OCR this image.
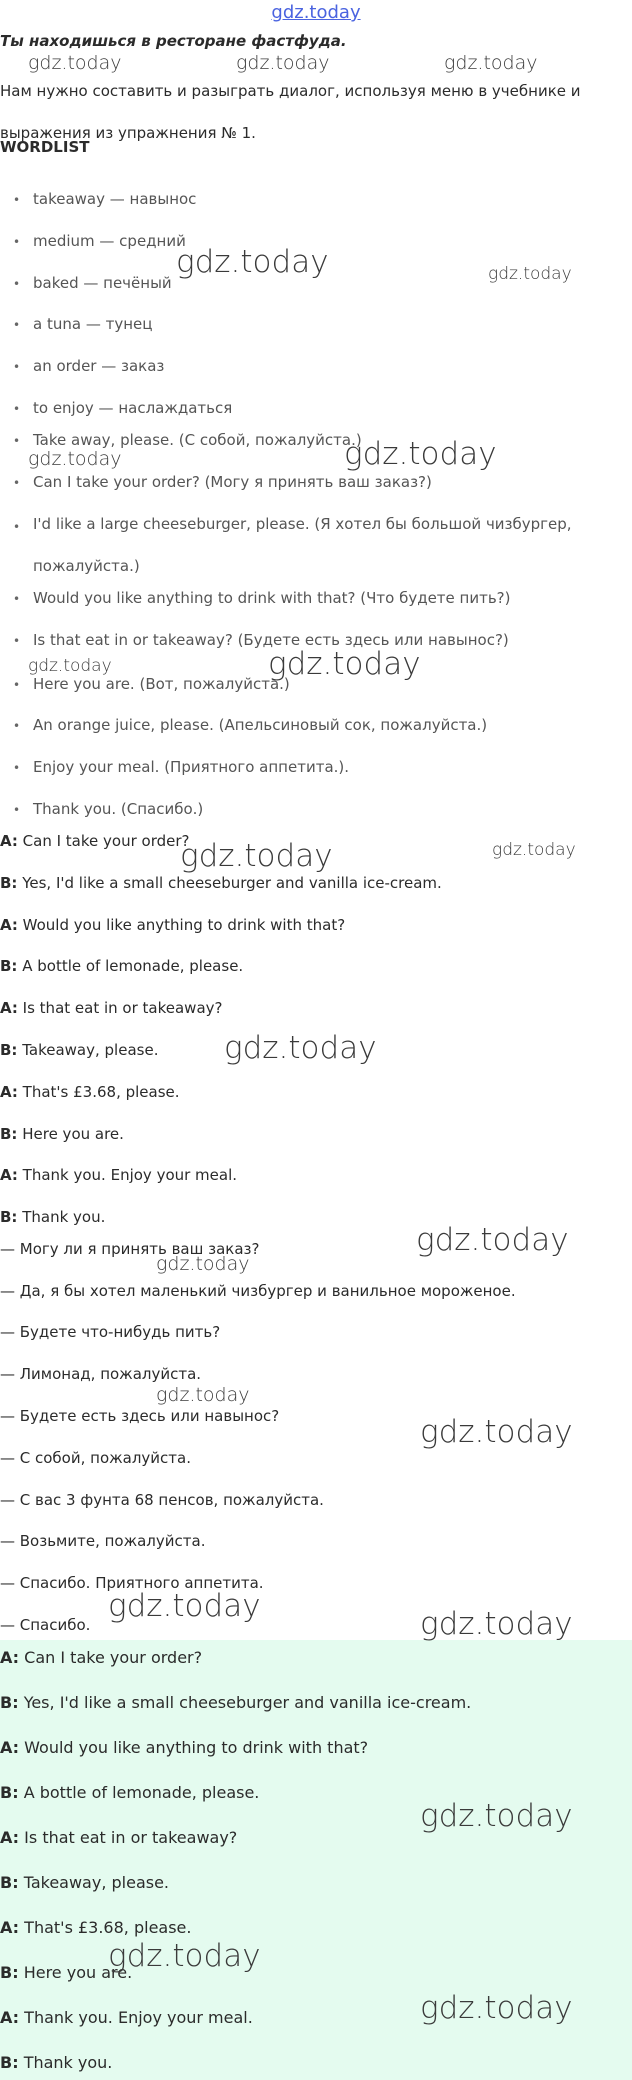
gdz.today
Ты находишься в ресторане фастфуда.
Нам нужно составить и разыграть диалог, используя меню в учебнике и выражения из упражнения № 1.
WORDLIST
• takeaway — навынос
• medium — средний
• baked — печёный
• a tuna — тунец
• an order — заказ
• to enjoy — наслаждаться
• Take away, please. (С собой, пожалуйста.)
• Can I take your order? (Могу я принять ваш заказ?)
• I'd like a large cheeseburger, please. (Я хотел бы большой чизбургер, пожалуйста.)
• Would you like anything to drink with that? (Что будете пить?)
• Is that eat in or takeaway? (Будете есть здесь или навынос?)
• Here you are. (Вот, пожалуйста.)
• An orange juice, please. (Апельсиновый сок, пожалуйста.)
• Enjoy your meal. (Приятного аппетита.).
• Thank you. (Спасибо.)
A: Can I take your order?
B: Yes, I'd like a small cheeseburger and vanilla ice-cream.
A: Would you like anything to drink with that?
B: A bottle of lemonade, please.
A: Is that eat in or takeaway?
B: Takeaway, please.
A: That's £3.68, please.
B: Here you are.
A: Thank you. Enjoy your meal.
B: Thank you.
— Могу ли я принять ваш заказ?
— Да, я бы хотел маленький чизбургер и ванильное мороженое.
— Будете что-нибудь пить?
— Лимонад, пожалуйста.
— Будете есть здесь или навынос?
— С собой, пожалуйста.
— С вас 3 фунта 68 пенсов, пожалуйста.
— Возьмите, пожалуйста.
— Спасибо. Приятного аппетита.
— Спасибо.
A: Can I take your order?
B: Yes, I'd like a small cheeseburger and vanilla ice-cream.
A: Would you like anything to drink with that?
B: A bottle of lemonade, please.
A: Is that eat in or takeaway?
B: Takeaway, please.
A: That's £3.68, please.
B: Here you are.
A: Thank you. Enjoy your meal.
B: Thank you.
gdz.today	gdz.today	gdz.today
gdz.today	gdz.today
gdz.today	gdz.today
gdz.today	gdz.today
gdz.today	gdz.today
gdz.today
gdz.today
gdz.today
gdz.today
gdz.today
gdz.today	gdz.today
gdz.today
gdz.today
gdz.today
